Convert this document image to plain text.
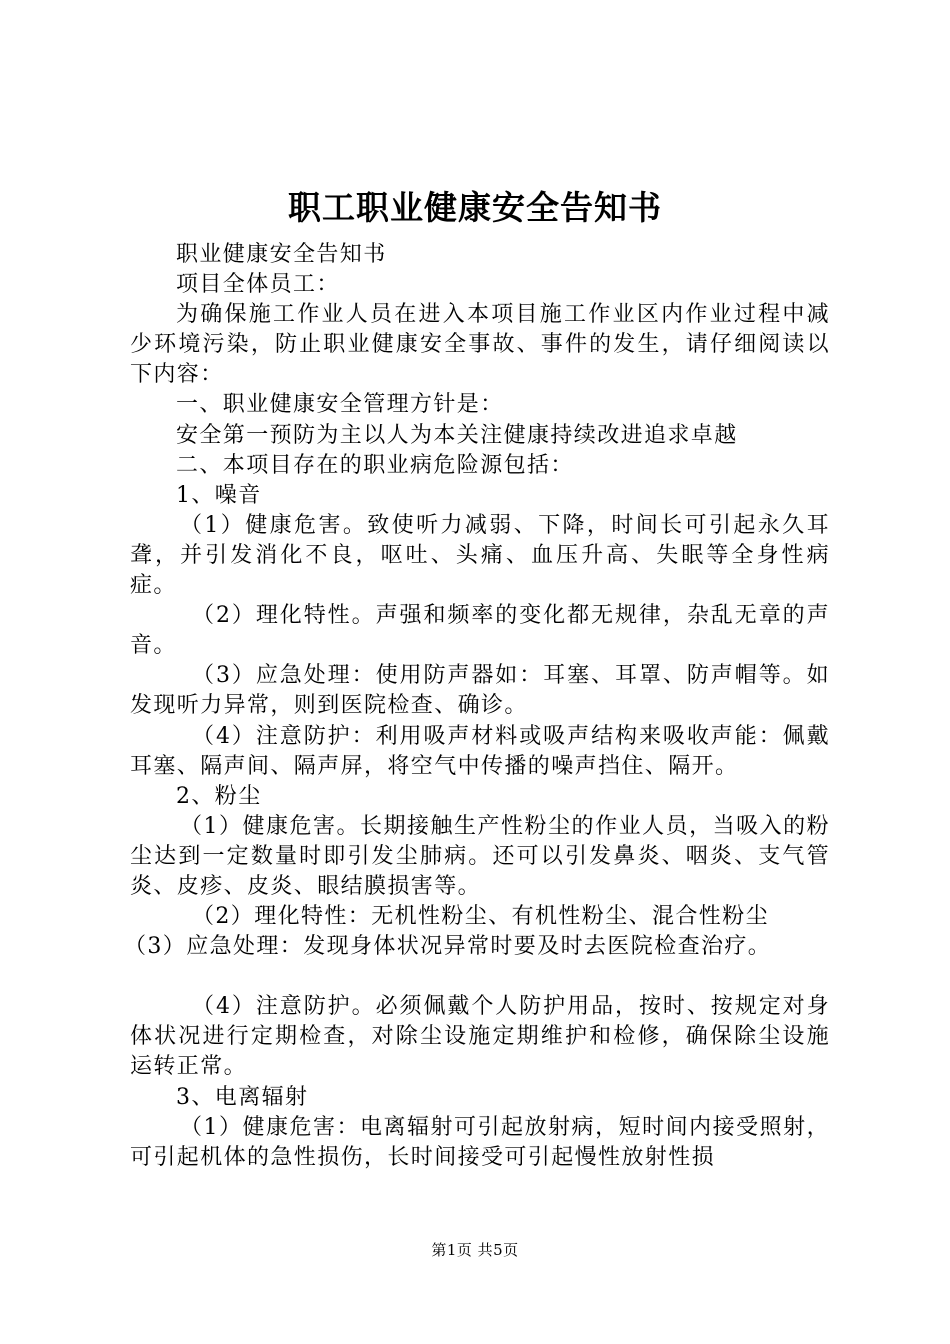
职工职业健康安全告知书

职业健康安全告知书

项目全体员工：

为确保施工作业人员在进入本项目施工作业区内作业过程中减少环境污染，防止职业健康安全事故、事件的发生，请仔细阅读以下内容：

一、职业健康安全管理方针是：

安全第一预防为主以人为本关注健康持续改进追求卓越

二、本项目存在的职业病危险源包括：

1、噪音

（1）健康危害。致使听力减弱、下降，时间长可引起永久耳聋，并引发消化不良，呕吐、头痛、血压升高、失眠等全身性病症。

（2）理化特性。声强和频率的变化都无规律，杂乱无章的声音。

（3）应急处理：使用防声器如：耳塞、耳罩、防声帽等。如发现听力异常，则到医院检查、确诊。

（4）注意防护：利用吸声材料或吸声结构来吸收声能：佩戴耳塞、隔声间、隔声屏，将空气中传播的噪声挡住、隔开。

2、粉尘

（1）健康危害。长期接触生产性粉尘的作业人员，当吸入的粉尘达到一定数量时即引发尘肺病。还可以引发鼻炎、咽炎、支气管炎、皮疹、皮炎、眼结膜损害等。

（2）理化特性：无机性粉尘、有机性粉尘、混合性粉尘

（3）应急处理：发现身体状况异常时要及时去医院检查治疗。

（4）注意防护。必须佩戴个人防护用品，按时、按规定对身体状况进行定期检查，对除尘设施定期维护和检修，确保除尘设施运转正常。

3、电离辐射

（1）健康危害：电离辐射可引起放射病，短时间内接受照射，可引起机体的急性损伤，长时间接受可引起慢性放射性损

第1页 共5页
